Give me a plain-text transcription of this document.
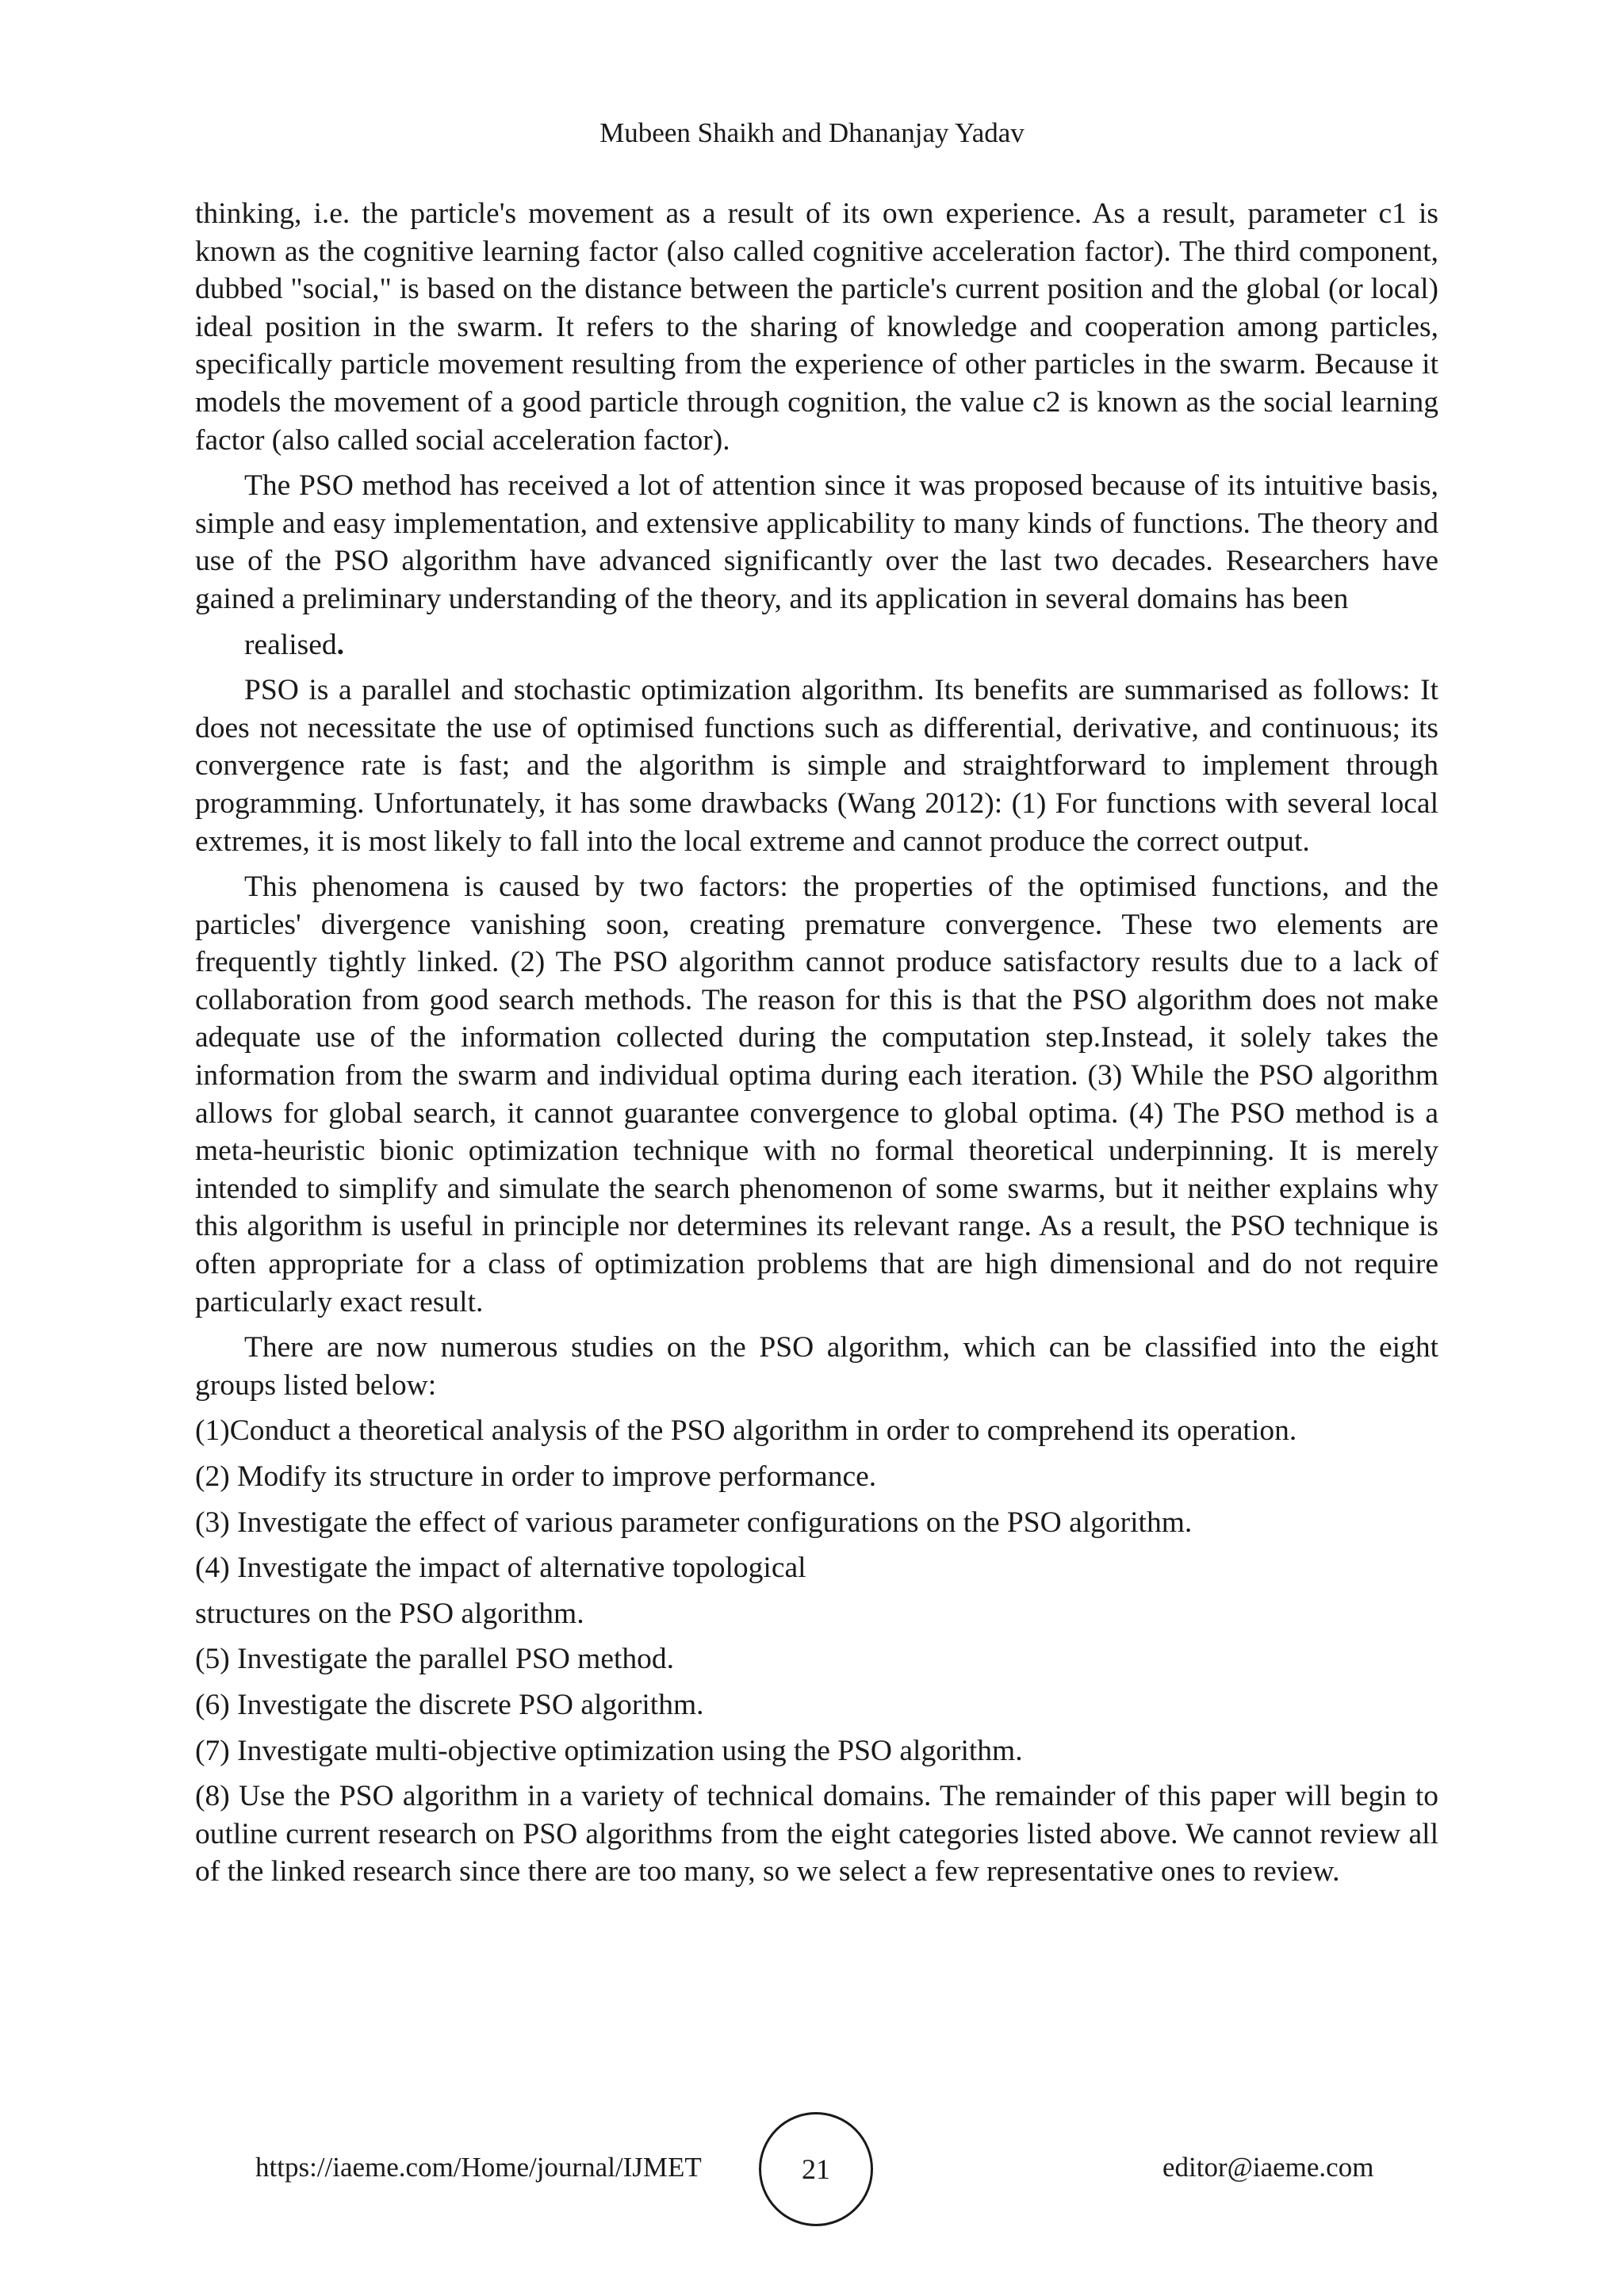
Mubeen Shaikh and Dhananjay Yadav

thinking, i.e. the particle's movement as a result of its own experience. As a result, parameter c1 is known as the cognitive learning factor (also called cognitive acceleration factor). The third component, dubbed "social," is based on the distance between the particle's current position and the global (or local) ideal position in the swarm. It refers to the sharing of knowledge and cooperation among particles, specifically particle movement resulting from the experience of other particles in the swarm. Because it models the movement of a good particle through cognition, the value c2 is known as the social learning factor (also called social acceleration factor).

The PSO method has received a lot of attention since it was proposed because of its intuitive basis, simple and easy implementation, and extensive applicability to many kinds of functions. The theory and use of the PSO algorithm have advanced significantly over the last two decades. Researchers have gained a preliminary understanding of the theory, and its application in several domains has been

realised.

PSO is a parallel and stochastic optimization algorithm. Its benefits are summarised as follows: It does not necessitate the use of optimised functions such as differential, derivative, and continuous; its convergence rate is fast; and the algorithm is simple and straightforward to implement through programming. Unfortunately, it has some drawbacks (Wang 2012): (1) For functions with several local extremes, it is most likely to fall into the local extreme and cannot produce the correct output.

This phenomena is caused by two factors: the properties of the optimised functions, and the particles' divergence vanishing soon, creating premature convergence. These two elements are frequently tightly linked. (2) The PSO algorithm cannot produce satisfactory results due to a lack of collaboration from good search methods. The reason for this is that the PSO algorithm does not make adequate use of the information collected during the computation step.Instead, it solely takes the information from the swarm and individual optima during each iteration. (3) While the PSO algorithm allows for global search, it cannot guarantee convergence to global optima. (4) The PSO method is a meta-heuristic bionic optimization technique with no formal theoretical underpinning. It is merely intended to simplify and simulate the search phenomenon of some swarms, but it neither explains why this algorithm is useful in principle nor determines its relevant range. As a result, the PSO technique is often appropriate for a class of optimization problems that are high dimensional and do not require particularly exact result.

There are now numerous studies on the PSO algorithm, which can be classified into the eight groups listed below:

(1)Conduct a theoretical analysis of the PSO algorithm in order to comprehend its operation.

(2) Modify its structure in order to improve performance.

(3) Investigate the effect of various parameter configurations on the PSO algorithm.

(4) Investigate the impact of alternative topological

structures on the PSO algorithm.

(5) Investigate the parallel PSO method.

(6) Investigate the discrete PSO algorithm.

(7) Investigate multi-objective optimization using the PSO algorithm.

(8) Use the PSO algorithm in a variety of technical domains. The remainder of this paper will begin to outline current research on PSO algorithms from the eight categories listed above. We cannot review all of the linked research since there are too many, so we select a few representative ones to review.

https://iaeme.com/Home/journal/IJMET	21	editor@iaeme.com
